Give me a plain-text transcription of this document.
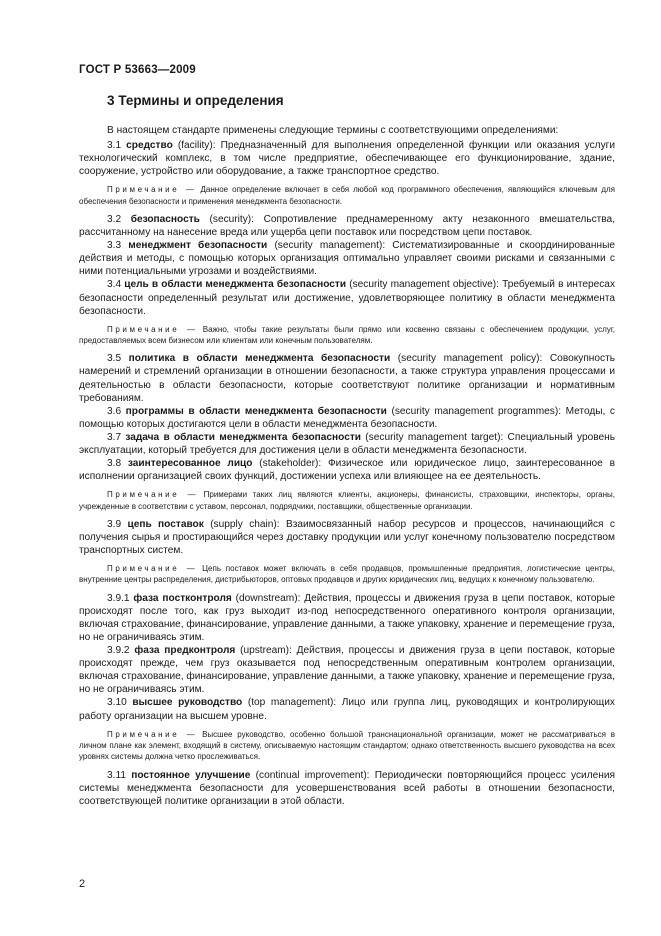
ГОСТ Р 53663—2009
3 Термины и определения

В настоящем стандарте применены следующие термины с соответствующими определениями:

3.1 средство (facility): Предназначенный для выполнения определенной функции или оказания услуги технологический комплекс, в том числе предприятие, обеспечивающее его функционирование, здание, сооружение, устройство или оборудование, а также транспортное средство.

Примечание — Данное определение включает в себя любой код программного обеспечения, являющийся ключевым для обеспечения безопасности и применения менеджмента безопасности.

3.2 безопасность (security): Сопротивление преднамеренному акту незаконного вмешательства, рассчитанному на нанесение вреда или ущерба цепи поставок или посредством цепи поставок.

3.3 менеджмент безопасности (security management): Систематизированные и скоординированные действия и методы, с помощью которых организация оптимально управляет своими рисками и связанными с ними потенциальными угрозами и воздействиями.

3.4 цель в области менеджмента безопасности (security management objective): Требуемый в интересах безопасности определенный результат или достижение, удовлетворяющее политику в области менеджмента безопасности.

Примечание — Важно, чтобы такие результаты были прямо или косвенно связаны с обеспечением продукции, услуг, предоставляемых всем бизнесом или клиентам или конечным пользователям.

3.5 политика в области менеджмента безопасности (security management policy): Совокупность намерений и стремлений организации в отношении безопасности, а также структура управления процессами и деятельностью в области безопасности, которые соответствуют политике организации и нормативным требованиям.

3.6 программы в области менеджмента безопасности (security management programmes): Методы, с помощью которых достигаются цели в области менеджмента безопасности.

3.7 задача в области менеджмента безопасности (security management target): Специальный уровень эксплуатации, который требуется для достижения цели в области менеджмента безопасности.

3.8 заинтересованное лицо (stakeholder): Физическое или юридическое лицо, заинтересованное в исполнении организацией своих функций, достижении успеха или влияющее на ее деятельность.

Примечание — Примерами таких лиц являются клиенты, акционеры, финансисты, страховщики, инспекторы, органы, учрежденные в соответствии с уставом, персонал, подрядчики, поставщики, общественные организации.

3.9 цепь поставок (supply chain): Взаимосвязанный набор ресурсов и процессов, начинающийся с получения сырья и простирающийся через доставку продукции или услуг конечному пользователю посредством транспортных систем.

Примечание — Цепь поставок может включать в себя продавцов, промышленные предприятия, логистические центры, внутренние центры распределения, дистрибьюторов, оптовых продавцов и других юридических лиц, ведущих к конечному пользователю.

3.9.1 фаза постконтроля (downstream): Действия, процессы и движения груза в цепи поставок, которые происходят после того, как груз выходит из-под непосредственного оперативного контроля организации, включая страхование, финансирование, управление данными, а также упаковку, хранение и перемещение груза, но не ограничиваясь этим.

3.9.2 фаза предконтроля (upstream): Действия, процессы и движения груза в цепи поставок, которые происходят прежде, чем груз оказывается под непосредственным оперативным контролем организации, включая страхование, финансирование, управление данными, а также упаковку, хранение и перемещение груза, но не ограничиваясь этим.

3.10 высшее руководство (top management): Лицо или группа лиц, руководящих и контролирующих работу организации на высшем уровне.

Примечание — Высшее руководство, особенно большой транснациональной организации, может не рассматриваться в личном плане как элемент, входящий в систему, описываемую настоящим стандартом; однако ответственность высшего руководства на всех уровнях системы должна четко прослеживаться.

3.11 постоянное улучшение (continual improvement): Периодически повторяющийся процесс усиления системы менеджмента безопасности для усовершенствования всей работы в отношении безопасности, соответствующей политике организации в этой области.

2
